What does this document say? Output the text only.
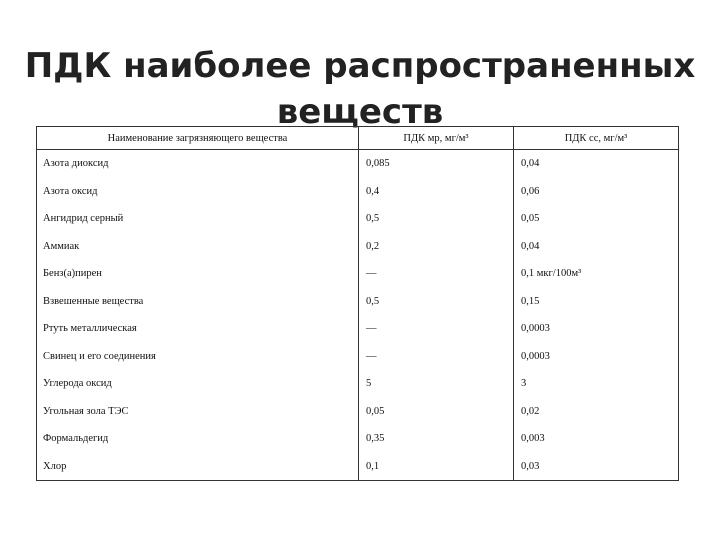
ПДК наиболее распространенных
веществ
Наименование загрязняющего вещества	ПДК мр, мг/м³	ПДК сс, мг/м³
Азота диоксид	0,085	0,04
Азота оксид	0,4	0,06
Ангидрид серный	0,5	0,05
Аммиак	0,2	0,04
Бенз(а)пирен	—	0,1 мкг/100м³
Взвешенные вещества	0,5	0,15
Ртуть металлическая	—	0,0003
Свинец и его соединения	—	0,0003
Углерода оксид	5	3
Угольная зола ТЭС	0,05	0,02
Формальдегид	0,35	0,003
Хлор	0,1	0,03
